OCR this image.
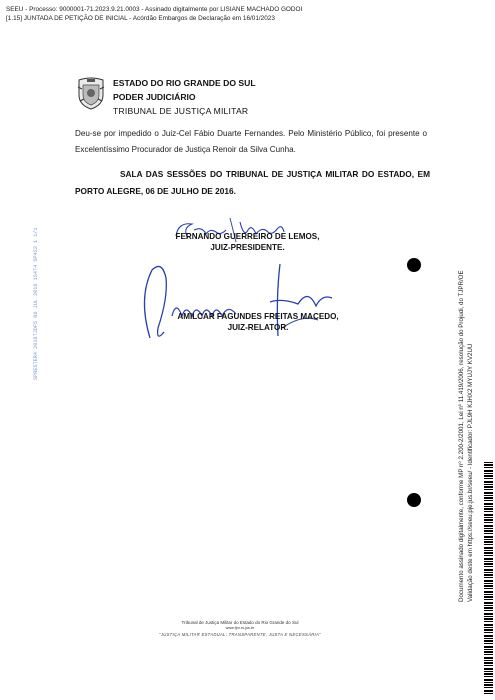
SEEU - Processo: 9000001-71.2023.9.21.0003 - Assinado digitalmente por LISIANE MACHADO GODOI
[1.15] JUNTADA DE PETIÇÃO DE INICIAL - Acórdão Embargos de Declaração em 16/01/2023
ESTADO DO RIO GRANDE DO SUL
PODER JUDICIÁRIO
TRIBUNAL DE JUSTIÇA MILITAR
Deu-se por impedido o Juiz-Cel Fábio Duarte Fernandes. Pelo Ministério Público, foi presente o Excelentíssimo Procurador de Justiça Renoir da Silva Cunha.
SALA DAS SESSÕES DO TRIBUNAL DE JUSTIÇA MILITAR DO ESTADO, EM PORTO ALEGRE, 06 DE JULHO DE 2016.
FERNANDO GUERREIRO DE LEMOS,
JUIZ-PRESIDENTE.
AMILCAR FAGUNDES FREITAS MACEDO,
JUIZ-RELATOR.
SPRESTER4 2016TJDF5 06 JUL 2016 1S4T4 SP4S2 1 1/1	Documento assinado digitalmente, conforme MP nº 2.200-2/2001, Lei nº 11.419/2006, resolução do Projudi, do TJPR/OE Validação deste em https://seeu.pje.jus.br/seeu/ - Identificador: PJL9H KJHX2 MYUJY KV2UU
Tribunal de Justiça Militar do Estado do Rio Grande do Sul
www.tjm.rs.jus.br
"JUSTIÇA MILITAR ESTADUAL: TRANSPARENTE, JUSTA E NECESSÁRIA"
